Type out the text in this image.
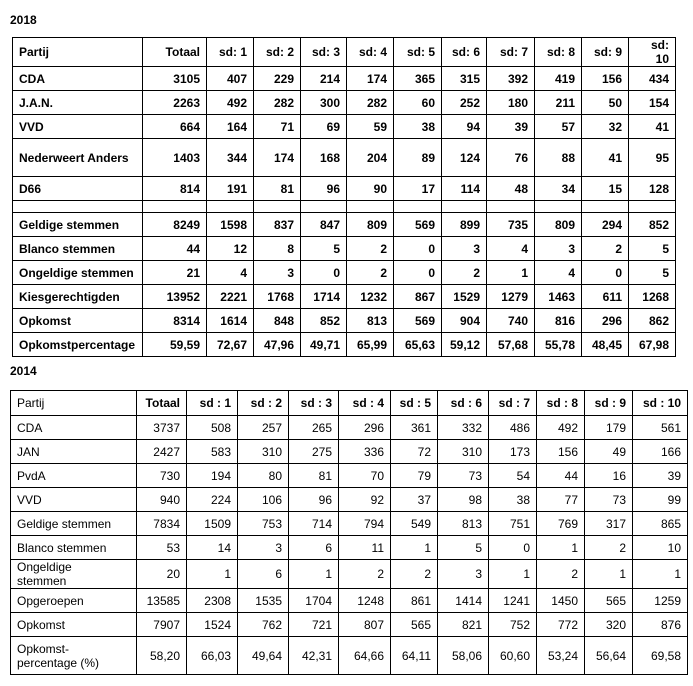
2018
Partij	Totaal	sd: 1	sd: 2	sd: 3	sd: 4	sd: 5	sd: 6	sd: 7	sd: 8	sd: 9	sd: 10
CDA	3105	407	229	214	174	365	315	392	419	156	434
J.A.N.	2263	492	282	300	282	60	252	180	211	50	154
VVD	664	164	71	69	59	38	94	39	57	32	41
Nederweert Anders	1403	344	174	168	204	89	124	76	88	41	95
D66	814	191	81	96	90	17	114	48	34	15	128

Geldige stemmen	8249	1598	837	847	809	569	899	735	809	294	852
Blanco stemmen	44	12	8	5	2	0	3	4	3	2	5
Ongeldige stemmen	21	4	3	0	2	0	2	1	4	0	5
Kiesgerechtigden	13952	2221	1768	1714	1232	867	1529	1279	1463	611	1268
Opkomst	8314	1614	848	852	813	569	904	740	816	296	862
Opkomstpercentage	59,59	72,67	47,96	49,71	65,99	65,63	59,12	57,68	55,78	48,45	67,98
2014
Partij	Totaal	sd : 1	sd : 2	sd : 3	sd : 4	sd : 5	sd : 6	sd : 7	sd : 8	sd : 9	sd : 10
CDA	3737	508	257	265	296	361	332	486	492	179	561
JAN	2427	583	310	275	336	72	310	173	156	49	166
PvdA	730	194	80	81	70	79	73	54	44	16	39
VVD	940	224	106	96	92	37	98	38	77	73	99
Geldige stemmen	7834	1509	753	714	794	549	813	751	769	317	865
Blanco stemmen	53	14	3	6	11	1	5	0	1	2	10
Ongeldige stemmen	20	1	6	1	2	2	3	1	2	1	1
Opgeroepen	13585	2308	1535	1704	1248	861	1414	1241	1450	565	1259
Opkomst	7907	1524	762	721	807	565	821	752	772	320	876
Opkomst-percentage (%)	58,20	66,03	49,64	42,31	64,66	64,11	58,06	60,60	53,24	56,64	69,58
